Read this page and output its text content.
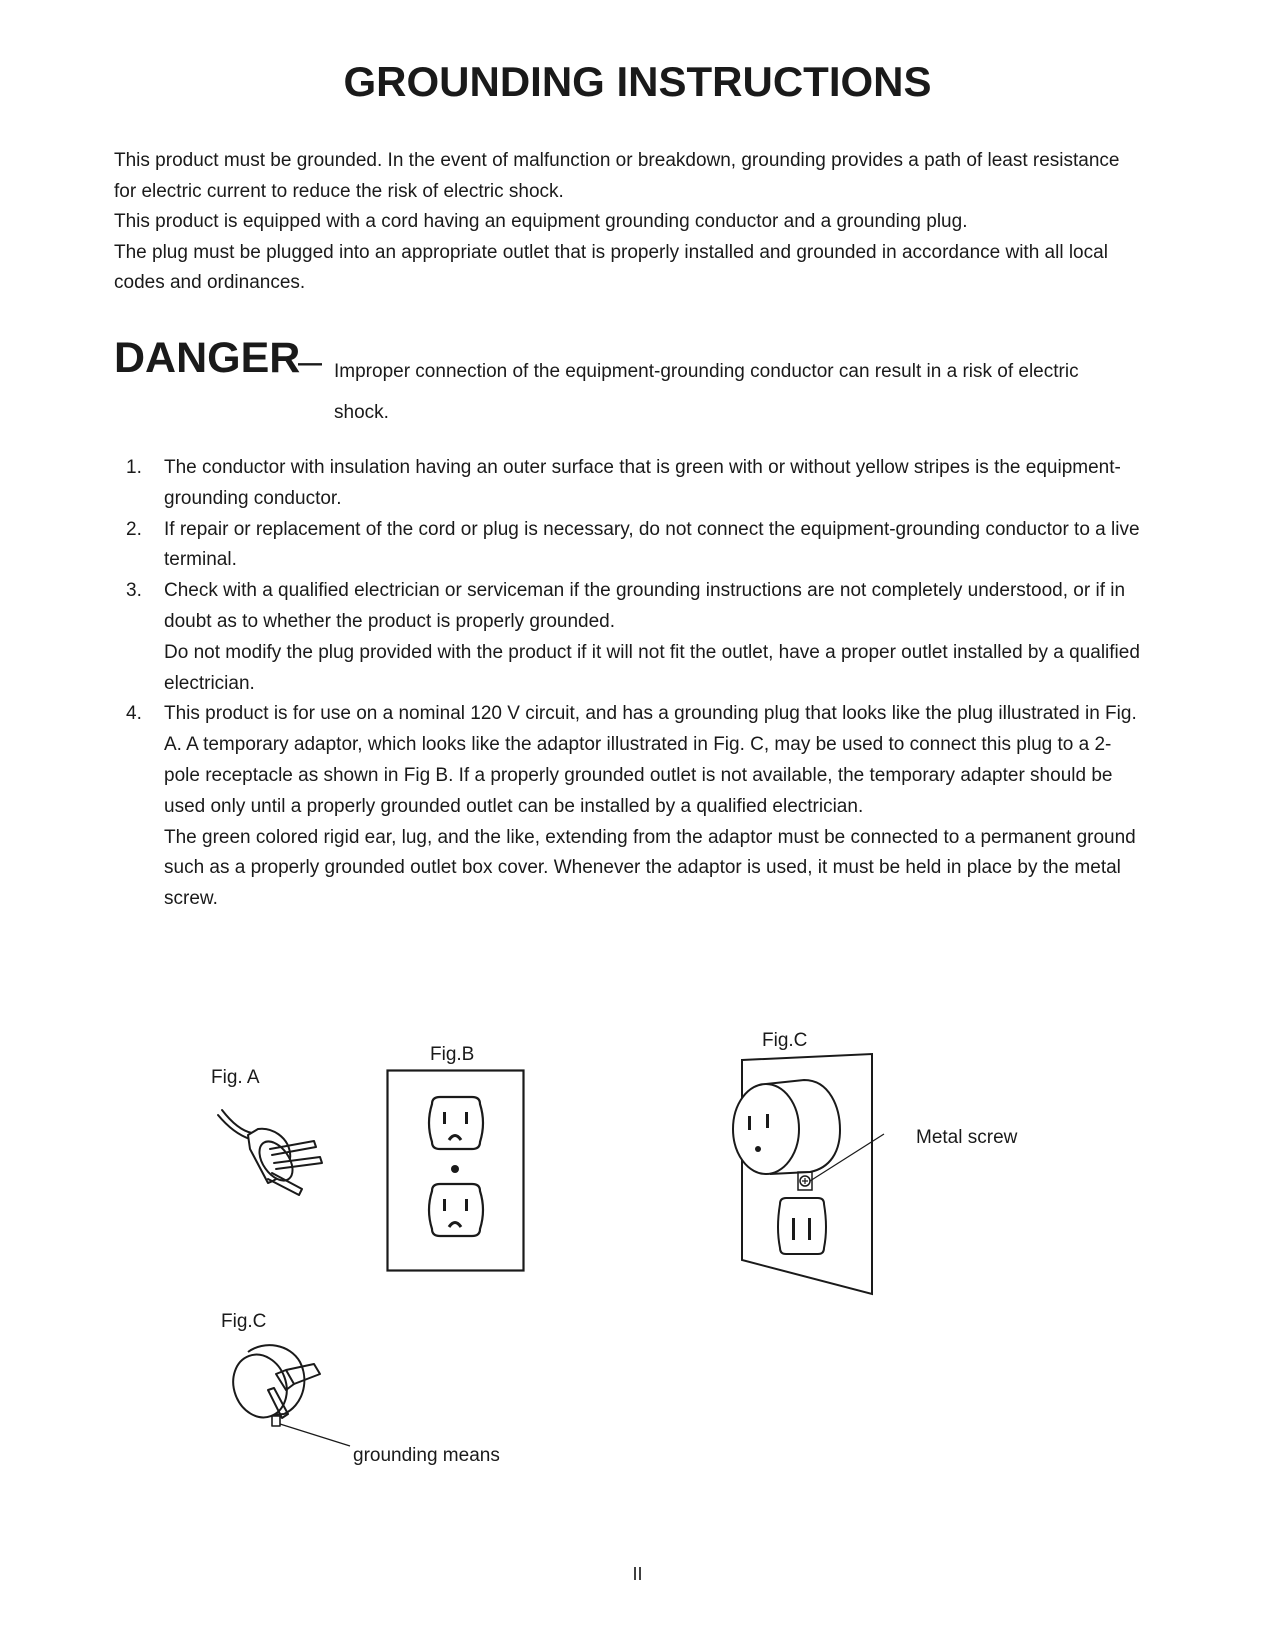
GROUNDING INSTRUCTIONS

This product must be grounded. In the event of malfunction or breakdown, grounding provides a path of least resistance for electric current to reduce the risk of electric shock.

This product is equipped with a cord having an equipment grounding conductor and a grounding plug.

The plug must be plugged into an appropriate outlet that is properly installed and grounded in accordance with all local codes and ordinances.

DANGER
— Improper connection of the equipment-grounding conductor can result in a risk of electric shock.

1. The conductor with insulation having an outer surface that is green with or without yellow stripes is the equipment-grounding conductor.

2. If repair or replacement of the cord or plug is necessary, do not connect the equipment-grounding conductor to a live terminal.

3. Check with a qualified electrician or serviceman if the grounding instructions are not completely understood, or if in doubt as to whether the product is properly grounded.

Do not modify the plug provided with the product if it will not fit the outlet, have a proper outlet installed by a qualified electrician.

4. This product is for use on a nominal 120 V circuit, and has a grounding plug that looks like the plug illustrated in Fig. A. A temporary adaptor, which looks like the adaptor illustrated in Fig. C, may be used to connect this plug to a 2-pole receptacle as shown in Fig B. If a properly grounded outlet is not available, the temporary adapter should be used only until a properly grounded outlet can be installed by a qualified electrician.

The green colored rigid ear, lug, and the like, extending from the adaptor must be connected to a permanent ground such as a properly grounded outlet box cover. Whenever the adaptor is used, it must be held in place by the metal screw.

Fig. A
Fig.B
Fig.C
Metal screw
Fig.C
grounding means
II
